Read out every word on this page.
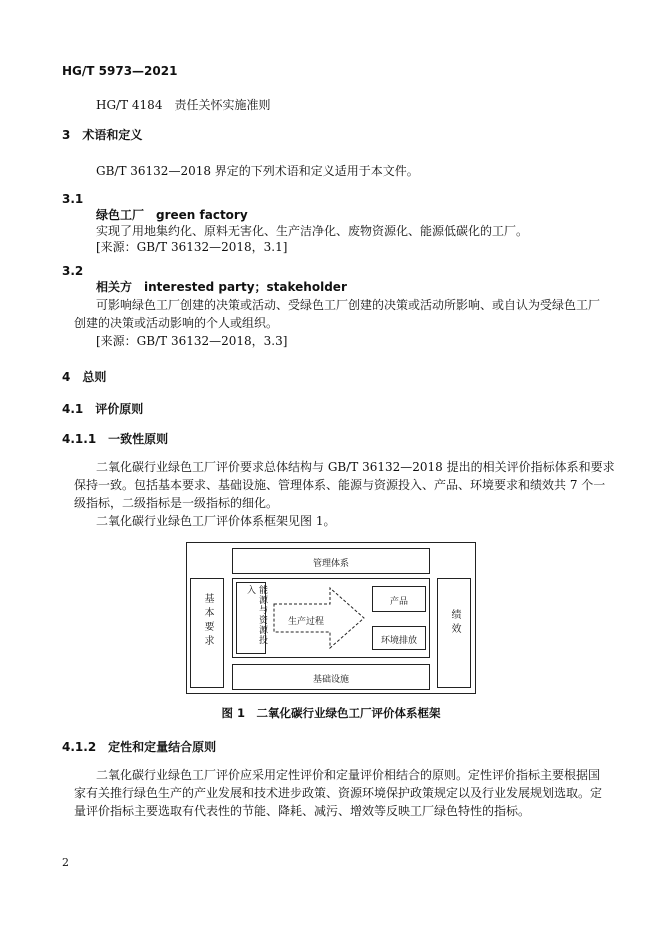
HG/T 5973—2021
HG/T 4184　责任关怀实施准则
3　术语和定义
GB/T 36132—2018 界定的下列术语和定义适用于本文件。
3.1
绿色工厂　green factory
实现了用地集约化、原料无害化、生产洁净化、废物资源化、能源低碳化的工厂。
[来源：GB/T 36132—2018，3.1]
3.2
相关方　interested party；stakeholder
可影响绿色工厂创建的决策或活动、受绿色工厂创建的决策或活动所影响、或自认为受绿色工厂
创建的决策或活动影响的个人或组织。
[来源：GB/T 36132—2018，3.3]
4　总则
4.1　评价原则
4.1.1　一致性原则
二氧化碳行业绿色工厂评价要求总体结构与 GB/T 36132—2018 提出的相关评价指标体系和要求
保持一致。包括基本要求、基础设施、管理体系、能源与资源投入、产品、环境要求和绩效共 7 个一
级指标，二级指标是一级指标的细化。
二氧化碳行业绿色工厂评价体系框架见图 1。
基本要求
管理体系
绩效
能源与资源投入
生产过程
产品
环境排放
基础设施
图 1　二氧化碳行业绿色工厂评价体系框架
4.1.2　定性和定量结合原则
二氧化碳行业绿色工厂评价应采用定性评价和定量评价相结合的原则。定性评价指标主要根据国
家有关推行绿色生产的产业发展和技术进步政策、资源环境保护政策规定以及行业发展规划选取。定
量评价指标主要选取有代表性的节能、降耗、减污、增效等反映工厂绿色特性的指标。
2
